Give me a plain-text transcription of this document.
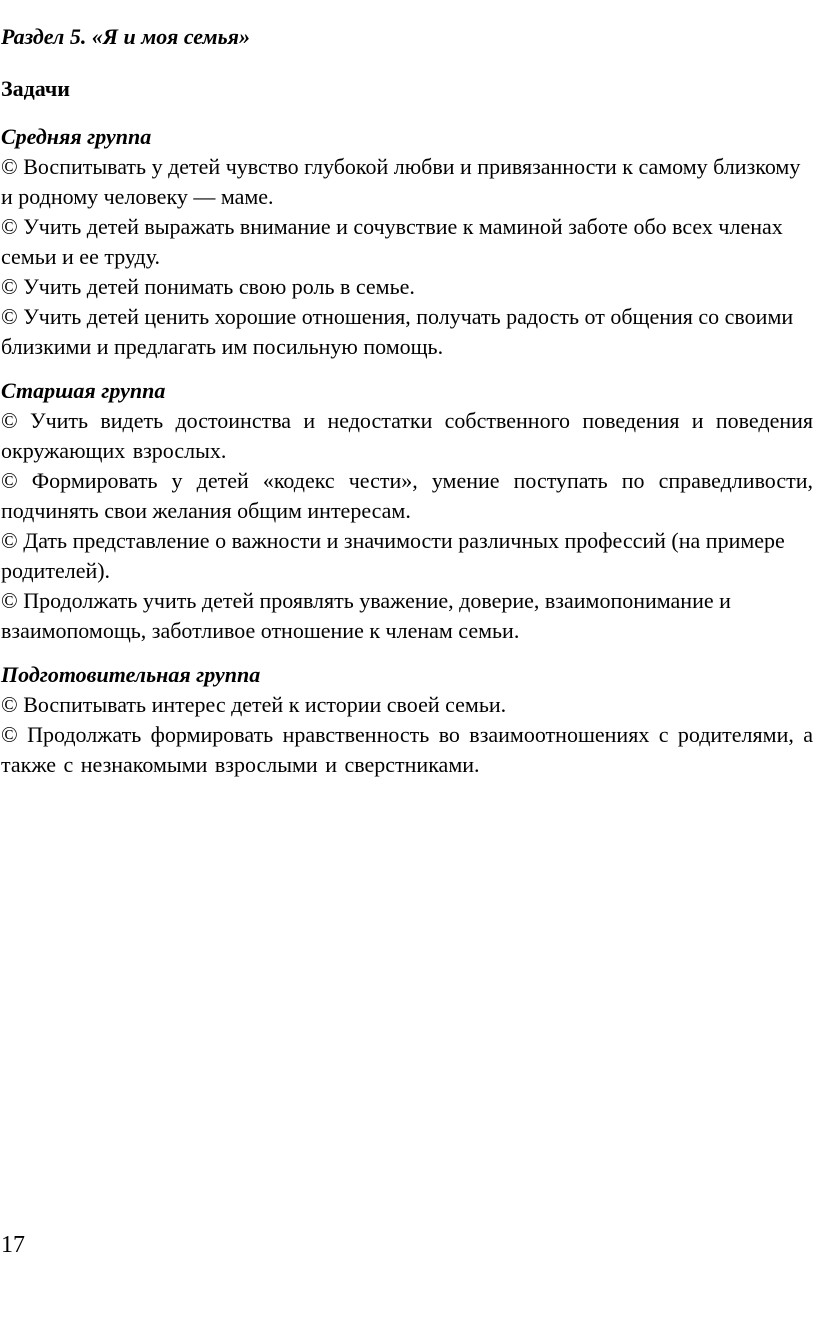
Раздел 5. «Я и моя семья»
Задачи
Средняя группа

© Воспитывать у детей чувство глубокой любви и привязанности к самому близкому и родному человеку — маме.

© Учить детей выражать внимание и сочувствие к маминой заботе обо всех членах семьи и ее труду.

© Учить детей понимать свою роль в семье.

© Учить детей ценить хорошие отношения, получать радость от общения со своими близкими и предлагать им посильную помощь.

Старшая группа

© Учить видеть достоинства и недостатки собственного поведения и поведения окружающих взрослых.

© Формировать у детей «кодекс чести», умение поступать по справедливости, подчинять свои желания общим интересам.

© Дать представление о важности и значимости различных профессий (на примере родителей).

© Продолжать учить детей проявлять уважение, доверие, взаимопонимание и взаимопомощь, заботливое отношение к членам семьи.

Подготовительная группа

© Воспитывать интерес детей к истории своей семьи.

© Продолжать формировать нравственность во взаимоотношениях с родителями, а также с незнакомыми взрослыми и сверстниками.

17
